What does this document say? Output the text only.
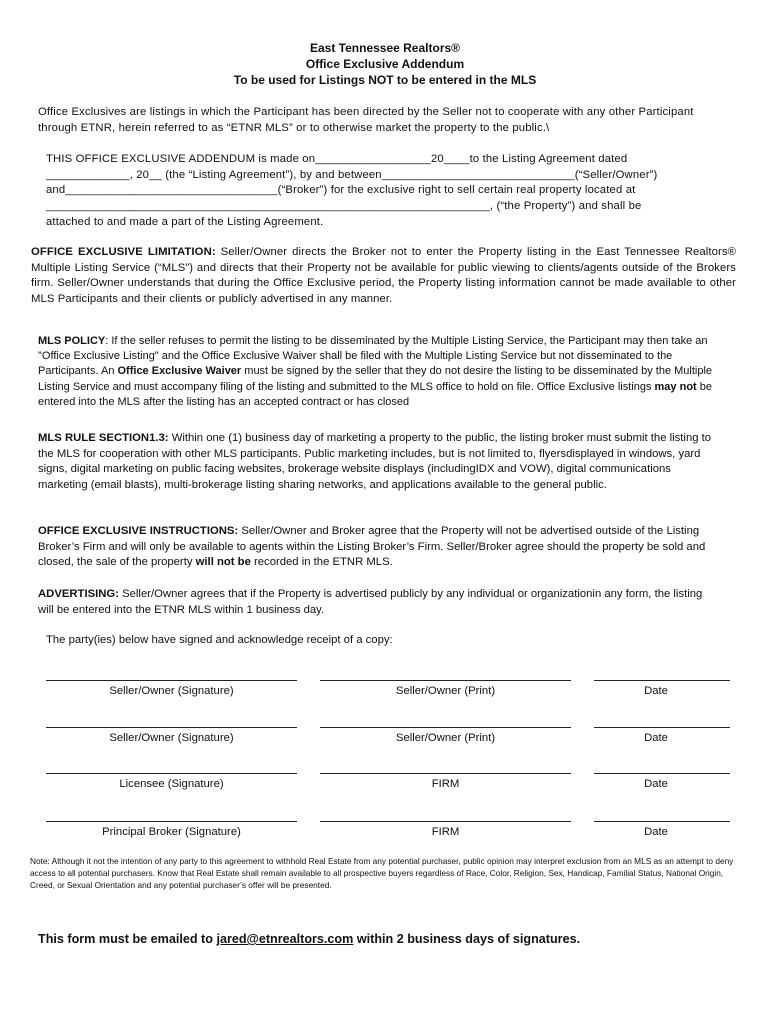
East Tennessee Realtors®
Office Exclusive Addendum
To be used for Listings NOT to be entered in the MLS

Office Exclusives are listings in which the Participant has been directed by the Seller not to cooperate with any other Participant through ETNR, herein referred to as “ETNR MLS” or to otherwise market the property to the public.\

THIS OFFICE EXCLUSIVE ADDENDUM is made on__________________20____to the Listing Agreement dated
_____________, 20__ (the “Listing Agreement”), by and between______________________________(“Seller/Owner”)
and_________________________________(“Broker”) for the exclusive right to sell certain real property located at
_____________________________________________________________________, (“the Property”) and shall be
attached to and made a part of the Listing Agreement.

OFFICE EXCLUSIVE LIMITATION: Seller/Owner directs the Broker not to enter the Property listing in the East Tennessee Realtors® Multiple Listing Service (“MLS”) and directs that their Property not be available for public viewing to clients/agents outside of the Brokers firm. Seller/Owner understands that during the Office Exclusive period, the Property listing information cannot be made available to other MLS Participants and their clients or publicly advertised in any manner.

MLS POLICY: If the seller refuses to permit the listing to be disseminated by the Multiple Listing Service, the Participant may then take an "Office Exclusive Listing" and the Office Exclusive Waiver shall be filed with the Multiple Listing Service but not disseminated to the Participants. An Office Exclusive Waiver must be signed by the seller that they do not desire the listing to be disseminated by the Multiple Listing Service and must accompany filing of the listing and submitted to the MLS office to hold on file. Office Exclusive listings may not be entered into the MLS after the listing has an accepted contract or has closed

MLS RULE SECTION1.3: Within one (1) business day of marketing a property to the public, the listing broker must submit the listing to the MLS for cooperation with other MLS participants. Public marketing includes, but is not limited to, flyersdisplayed in windows, yard signs, digital marketing on public facing websites, brokerage website displays (includingIDX and VOW), digital communications marketing (email blasts), multi-brokerage listing sharing networks, and applications available to the general public.

OFFICE EXCLUSIVE INSTRUCTIONS: Seller/Owner and Broker agree that the Property will not be advertised outside of the Listing Broker’s Firm and will only be available to agents within the Listing Broker’s Firm. Seller/Broker agree should the property be sold and closed, the sale of the property will not be recorded in the ETNR MLS.

ADVERTISING: Seller/Owner agrees that if the Property is advertised publicly by any individual or organizationin any form, the listing will be entered into the ETNR MLS within 1 business day.

The party(ies) below have signed and acknowledge receipt of a copy:

Seller/Owner (Signature)	Seller/Owner (Print)	Date
Seller/Owner (Signature)	Seller/Owner (Print)	Date
Licensee (Signature)	FIRM	Date
Principal Broker (Signature)	FIRM	Date

Note: Although it not the intention of any party to this agreement to withhold Real Estate from any potential purchaser, public opinion may interpret exclusion from an MLS as an attempt to deny access to all potential purchasers. Know that Real Estate shall remain available to all prospective buyers regardless of Race, Color, Religion, Sex, Handicap, Familial Status, National Origin, Creed, or Sexual Orientation and any potential purchaser’s offer will be presented.

This form must be emailed to jared@etnrealtors.com within 2 business days of signatures.
